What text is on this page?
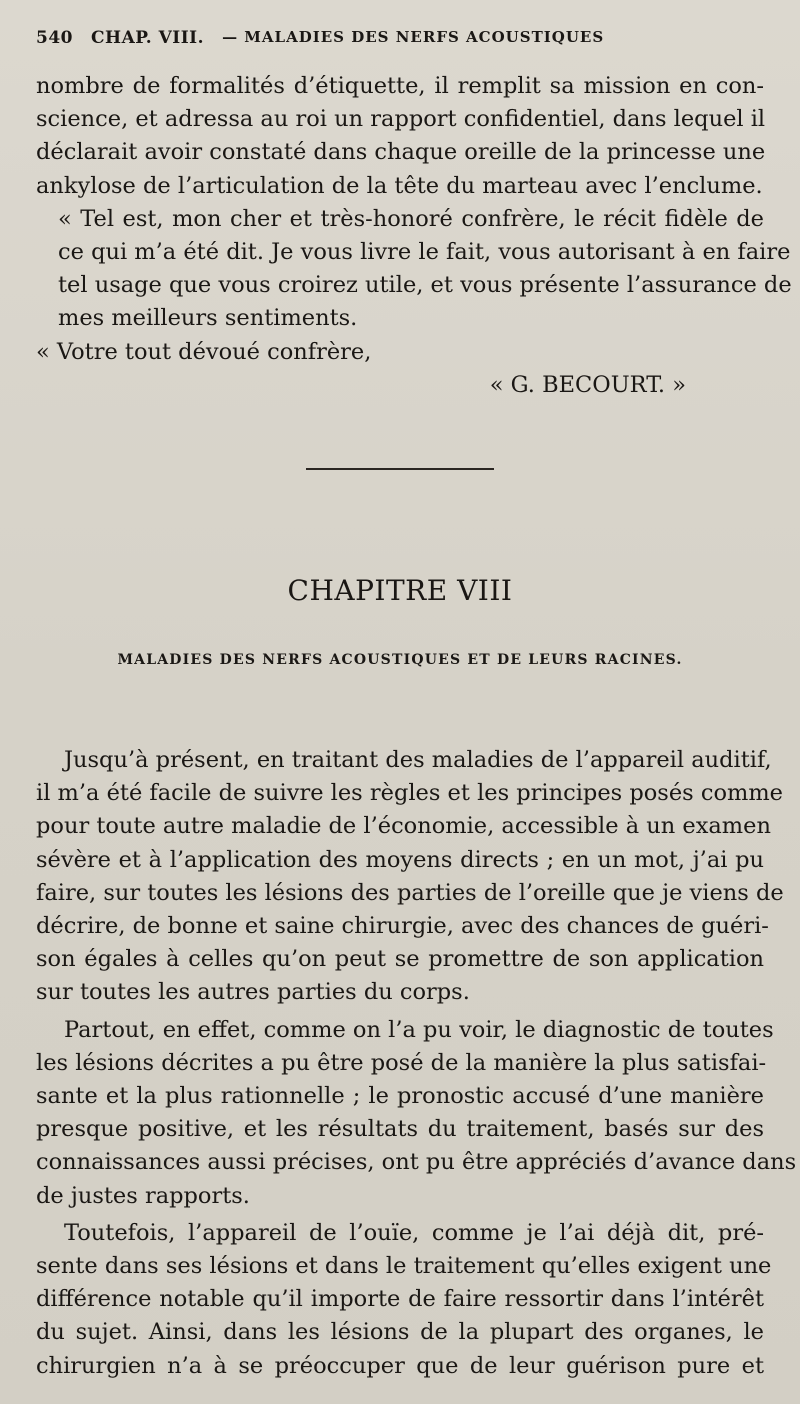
540 CHAP. VIII. — MALADIES DES NERFS ACOUSTIQUES

nombre de formalités d’étiquette, il remplit sa mission en con-
science, et adressa au roi un rapport confidentiel, dans lequel il
déclarait avoir constaté dans chaque oreille de la princesse une
ankylose de l’articulation de la tête du marteau avec l’enclume.

« Tel est, mon cher et très-honoré confrère, le récit fidèle de
ce qui m’a été dit. Je vous livre le fait, vous autorisant à en faire
tel usage que vous croirez utile, et vous présente l’assurance de
mes meilleurs sentiments.

« Votre tout dévoué confrère,

« G. BECOURT. »

CHAPITRE VIII
MALADIES DES NERFS ACOUSTIQUES ET DE LEURS RACINES.

Jusqu’à présent, en traitant des maladies de l’appareil auditif,
il m’a été facile de suivre les règles et les principes posés comme
pour toute autre maladie de l’économie, accessible à un examen
sévère et à l’application des moyens directs ; en un mot, j’ai pu
faire, sur toutes les lésions des parties de l’oreille que je viens de
décrire, de bonne et saine chirurgie, avec des chances de guéri-
son égales à celles qu’on peut se promettre de son application
sur toutes les autres parties du corps.

Partout, en effet, comme on l’a pu voir, le diagnostic de toutes
les lésions décrites a pu être posé de la manière la plus satisfai-
sante et la plus rationnelle ; le pronostic accusé d’une manière
presque positive, et les résultats du traitement, basés sur des
connaissances aussi précises, ont pu être appréciés d’avance dans
de justes rapports.

Toutefois, l’appareil de l’ouïe, comme je l’ai déjà dit, pré-
sente dans ses lésions et dans le traitement qu’elles exigent une
différence notable qu’il importe de faire ressortir dans l’intérêt
du sujet. Ainsi, dans les lésions de la plupart des organes, le
chirurgien n’a à se préoccuper que de leur guérison pure et
